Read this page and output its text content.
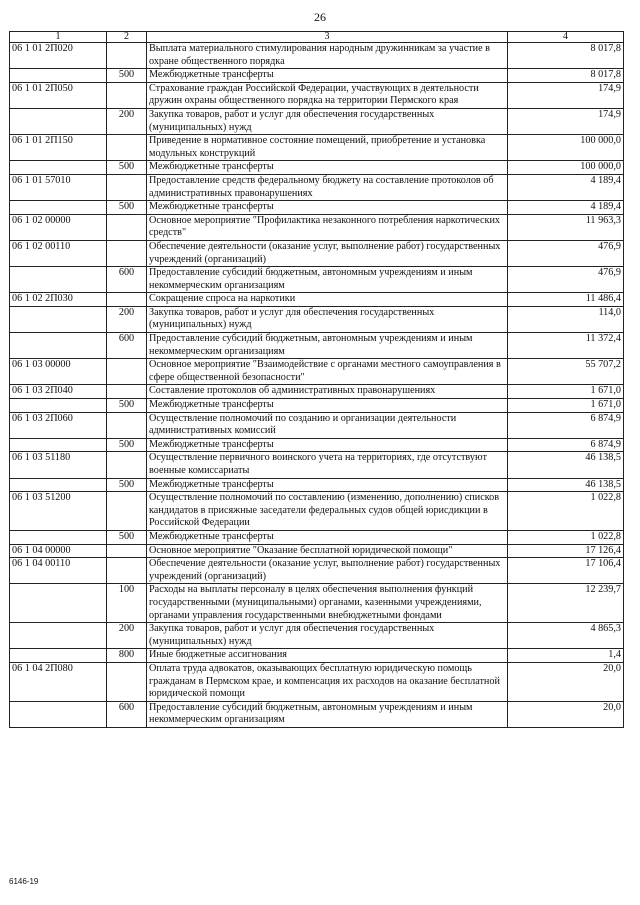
26
1	2	3	4
06 1 01 2П020		Выплата материального стимулирования народным дружинникам за участие в охране общественного порядка	8 017,8
	500	Межбюджетные трансферты	8 017,8
06 1 01 2П050		Страхование граждан Российской Федерации, участвующих в деятельности дружин охраны общественного порядка на территории Пермского края	174,9
	200	Закупка товаров, работ и услуг для обеспечения государственных (муниципальных) нужд	174,9
06 1 01 2П150		Приведение в нормативное состояние помещений, приобретение и установка модульных конструкций	100 000,0
	500	Межбюджетные трансферты	100 000,0
06 1 01 57010		Предоставление средств федеральному бюджету на составление протоколов об административных правонарушениях	4 189,4
	500	Межбюджетные трансферты	4 189,4
06 1 02 00000		Основное мероприятие "Профилактика незаконного потребления наркотических средств"	11 963,3
06 1 02 00110		Обеспечение деятельности (оказание услуг, выполнение работ) государственных учреждений (организаций)	476,9
	600	Предоставление субсидий бюджетным, автономным учреждениям и иным некоммерческим организациям	476,9
06 1 02 2П030		Сокращение спроса на наркотики	11 486,4
	200	Закупка товаров, работ и услуг для обеспечения государственных (муниципальных) нужд	114,0
	600	Предоставление субсидий бюджетным, автономным учреждениям и иным некоммерческим организациям	11 372,4
06 1 03 00000		Основное мероприятие "Взаимодействие с органами местного самоуправления в сфере общественной безопасности"	55 707,2
06 1 03 2П040		Составление протоколов об административных правонарушениях	1 671,0
	500	Межбюджетные трансферты	1 671,0
06 1 03 2П060		Осуществление полномочий по созданию и организации деятельности административных комиссий	6 874,9
	500	Межбюджетные трансферты	6 874,9
06 1 03 51180		Осуществление первичного воинского учета на территориях, где отсутствуют военные комиссариаты	46 138,5
	500	Межбюджетные трансферты	46 138,5
06 1 03 51200		Осуществление полномочий по составлению (изменению, дополнению) списков кандидатов в присяжные заседатели федеральных судов общей юрисдикции в Российской Федерации	1 022,8
	500	Межбюджетные трансферты	1 022,8
06 1 04 00000		Основное мероприятие "Оказание бесплатной юридической помощи"	17 126,4
06 1 04 00110		Обеспечение деятельности (оказание услуг, выполнение работ) государственных учреждений (организаций)	17 106,4
	100	Расходы на выплаты персоналу в целях обеспечения выполнения функций государственными (муниципальными) органами, казенными учреждениями, органами управления государственными внебюджетными фондами	12 239,7
	200	Закупка товаров, работ и услуг для обеспечения государственных (муниципальных) нужд	4 865,3
	800	Иные бюджетные ассигнования	1,4
06 1 04 2П080		Оплата труда адвокатов, оказывающих бесплатную юридическую помощь гражданам в Пермском крае, и компенсация их расходов на оказание бесплатной юридической помощи	20,0
	600	Предоставление субсидий бюджетным, автономным учреждениям и иным некоммерческим организациям	20,0
6146-19
